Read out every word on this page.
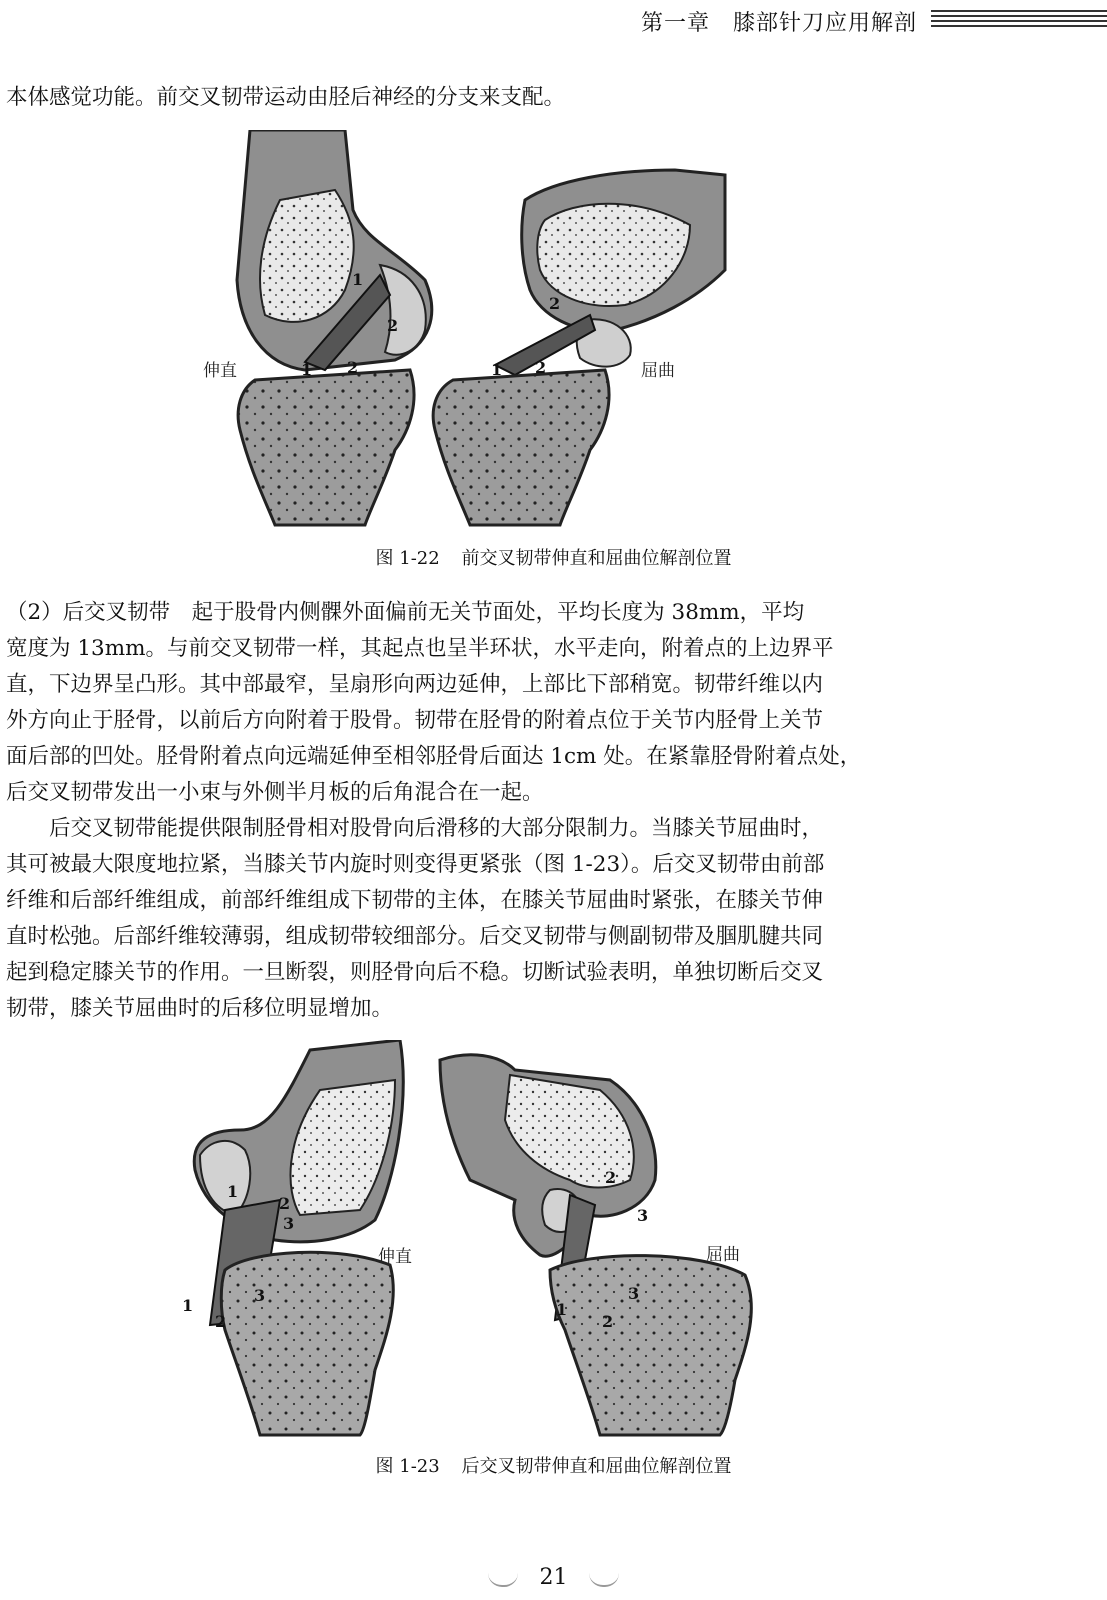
第一章　膝部针刀应用解剖
本体感觉功能。前交叉韧带运动由胫后神经的分支来支配。
伸直	屈曲
1
2
1 2
2
1 2
图 1-22 前交叉韧带伸直和屈曲位解剖位置
（2）后交叉韧带　起于股骨内侧髁外面偏前无关节面处，平均长度为 38mm，平均
宽度为 13mm。与前交叉韧带一样，其起点也呈半环状，水平走向，附着点的上边界平
直，下边界呈凸形。其中部最窄，呈扇形向两边延伸，上部比下部稍宽。韧带纤维以内
外方向止于胫骨，以前后方向附着于股骨。韧带在胫骨的附着点位于关节内胫骨上关节
面后部的凹处。胫骨附着点向远端延伸至相邻胫骨后面达 1cm 处。在紧靠胫骨附着点处，
后交叉韧带发出一小束与外侧半月板的后角混合在一起。
　　后交叉韧带能提供限制胫骨相对股骨向后滑移的大部分限制力。当膝关节屈曲时，
其可被最大限度地拉紧，当膝关节内旋时则变得更紧张（图 1-23）。后交叉韧带由前部
纤维和后部纤维组成，前部纤维组成下韧带的主体，在膝关节屈曲时紧张，在膝关节伸
直时松弛。后部纤维较薄弱，组成韧带较细部分。后交叉韧带与侧副韧带及腘肌腱共同
起到稳定膝关节的作用。一旦断裂，则胫骨向后不稳。切断试验表明，单独切断后交叉
韧带，膝关节屈曲时的后移位明显增加。
伸直	屈曲
1
2
3
1
2
3
2
3
3
1
2
图 1-23 后交叉韧带伸直和屈曲位解剖位置
21
